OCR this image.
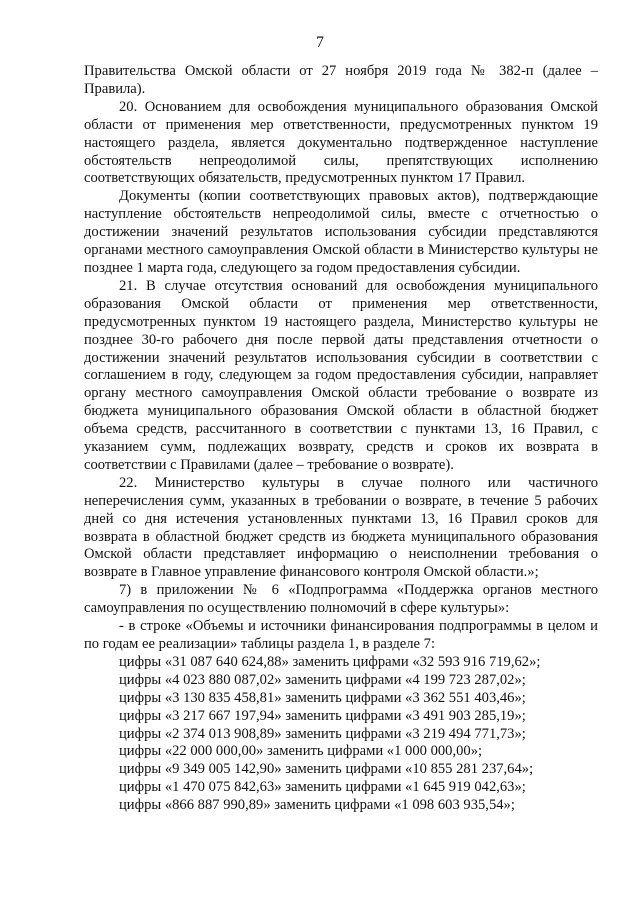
7

Правительства Омской области от 27 ноября 2019 года № 382-п (далее – Правила).

20. Основанием для освобождения муниципального образования Омской области от применения мер ответственности, предусмотренных пунктом 19 настоящего раздела, является документально подтвержденное наступление обстоятельств непреодолимой силы, препятствующих исполнению соответствующих обязательств, предусмотренных пунктом 17 Правил.

Документы (копии соответствующих правовых актов), подтверждающие наступление обстоятельств непреодолимой силы, вместе с отчетностью о достижении значений результатов использования субсидии представляются органами местного самоуправления Омской области в Министерство культуры не позднее 1 марта года, следующего за годом предоставления субсидии.

21. В случае отсутствия оснований для освобождения муниципального образования Омской области от применения мер ответственности, предусмотренных пунктом 19 настоящего раздела, Министерство культуры не позднее 30-го рабочего дня после первой даты представления отчетности о достижении значений результатов использования субсидии в соответствии с соглашением в году, следующем за годом предоставления субсидии, направляет органу местного самоуправления Омской области требование о возврате из бюджета муниципального образования Омской области в областной бюджет объема средств, рассчитанного в соответствии с пунктами 13, 16 Правил, с указанием сумм, подлежащих возврату, средств и сроков их возврата в соответствии с Правилами (далее – требование о возврате).

22. Министерство культуры в случае полного или частичного неперечисления сумм, указанных в требовании о возврате, в течение 5 рабочих дней со дня истечения установленных пунктами 13, 16 Правил сроков для возврата в областной бюджет средств из бюджета муниципального образования Омской области представляет информацию о неисполнении требования о возврате в Главное управление финансового контроля Омской области.»;

7) в приложении № 6 «Подпрограмма «Поддержка органов местного самоуправления по осуществлению полномочий в сфере культуры»:

- в строке «Объемы и источники финансирования подпрограммы в целом и по годам ее реализации» таблицы раздела 1, в разделе 7:

цифры «31 087 640 624,88» заменить цифрами «32 593 916 719,62»;
цифры «4 023 880 087,02» заменить цифрами «4 199 723 287,02»;
цифры «3 130 835 458,81» заменить цифрами «3 362 551 403,46»;
цифры «3 217 667 197,94» заменить цифрами «3 491 903 285,19»;
цифры «2 374 013 908,89» заменить цифрами «3 219 494 771,73»;
цифры «22 000 000,00» заменить цифрами «1 000 000,00»;
цифры «9 349 005 142,90» заменить цифрами «10 855 281 237,64»;
цифры «1 470 075 842,63» заменить цифрами «1 645 919 042,63»;
цифры «866 887 990,89» заменить цифрами «1 098 603 935,54»;
